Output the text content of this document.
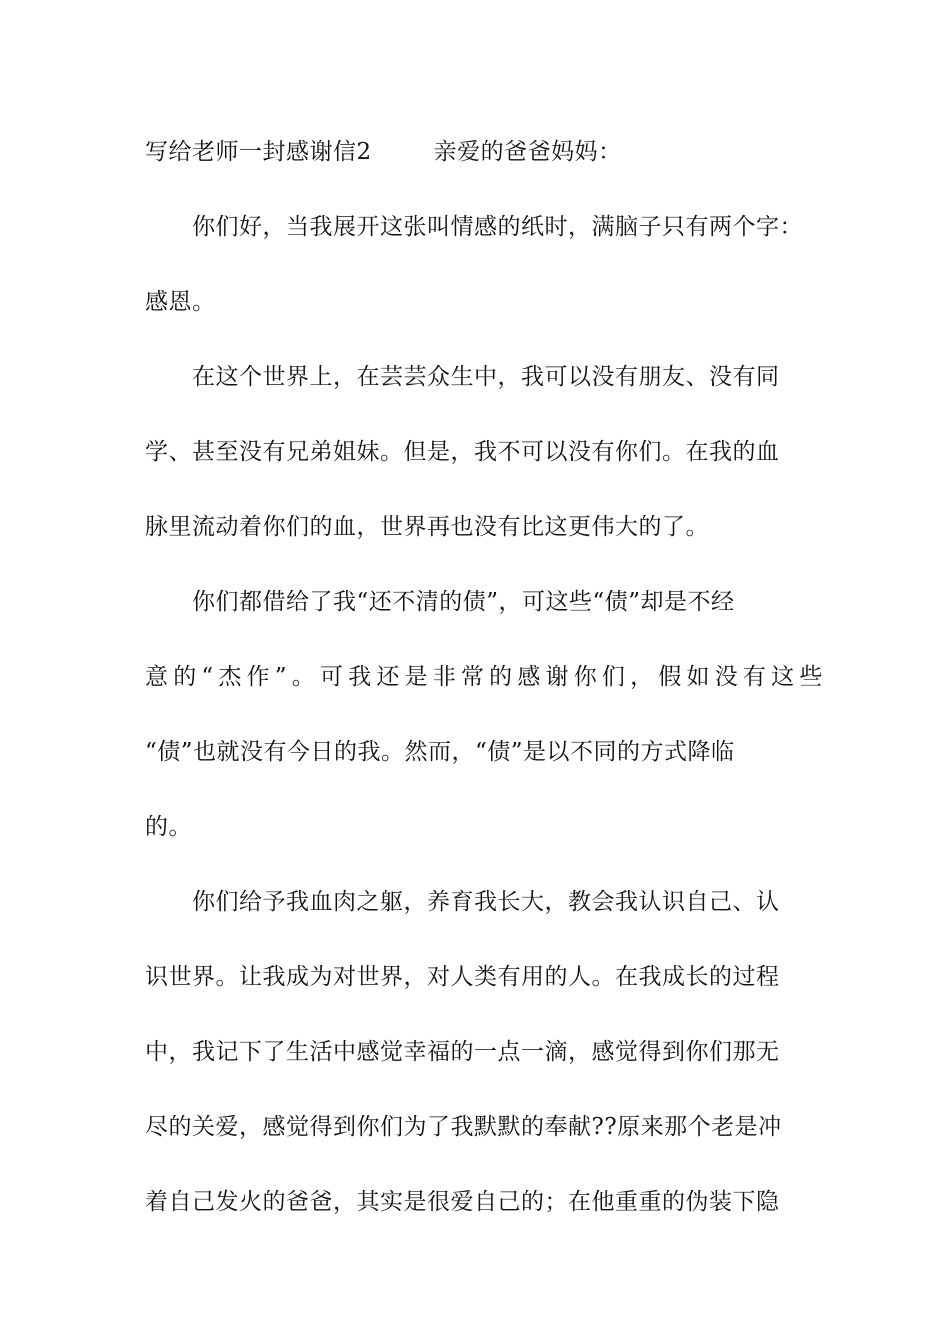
写给老师一封感谢信2	亲爱的爸爸妈妈：
你们好，当我展开这张叫情感的纸时，满脑子只有两个字：
感恩。
在这个世界上，在芸芸众生中，我可以没有朋友、没有同
学、甚至没有兄弟姐妹。但是，我不可以没有你们。在我的血
脉里流动着你们的血，世界再也没有比这更伟大的了。
你们都借给了我“还不清的债”，可这些“债”却是不经
意的“杰作”。可我还是非常的感谢你们，假如没有这些
“债”也就没有今日的我。然而，“债”是以不同的方式降临
的。
你们给予我血肉之躯，养育我长大，教会我认识自己、认
识世界。让我成为对世界，对人类有用的人。在我成长的过程
中，我记下了生活中感觉幸福的一点一滴，感觉得到你们那无
尽的关爱，感觉得到你们为了我默默的奉献??原来那个老是冲
着自己发火的爸爸，其实是很爱自己的；在他重重的伪装下隐
